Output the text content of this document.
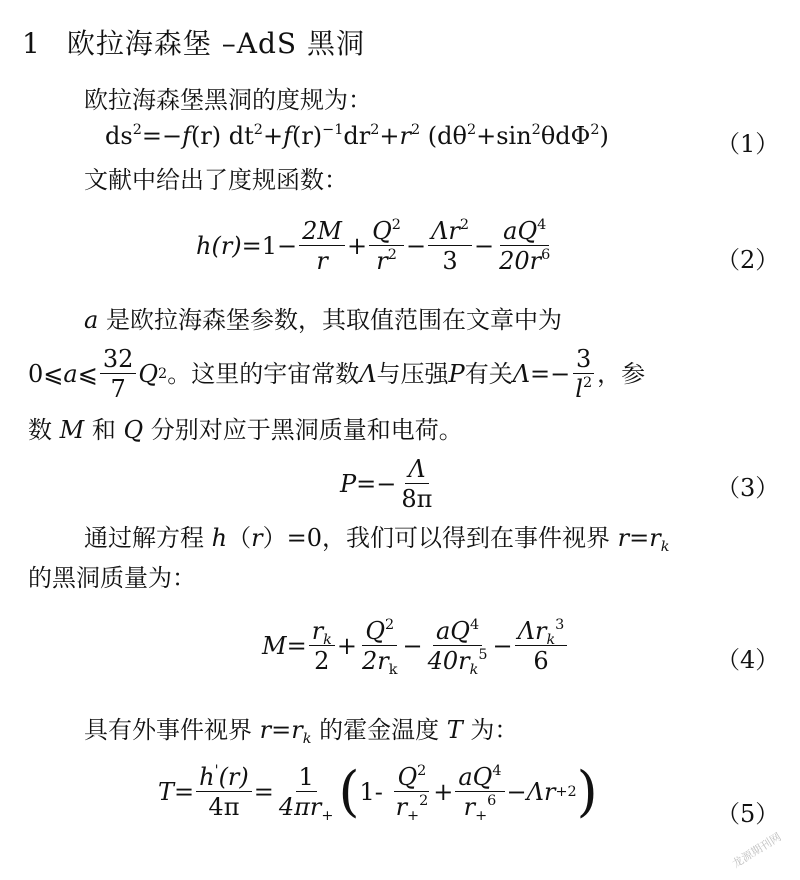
1 欧拉海森堡 –AdS 黑洞
欧拉海森堡黑洞的度规为：
$ds^2=-f(r)$ $dt^2+f(r)^{-1}dr^2+r^2$ $(d\theta^2+\sin^2\theta d\Phi^2)$	（1）
文献中给出了度规函数：
$h(r) =1- \frac{2M}{r} + \frac{Q^2}{r^2} - \frac{\Lambda r^2}{3} - \frac{aQ^4}{20r^6}$	（2）
a 是欧拉海森堡参数，其取值范围在文章中为
0⩽ a ⩽ $\frac{32}{7}$ Q 2 。这里的宇宙常数 Λ 与压强 P 有关 $\Lambda =- \frac{3}{l^2}$ ，参
数 M 和 Q 分别对应于黑洞质量和电荷。
$P =- \frac{\Lambda}{8\pi}$	（3）
通过解方程 h（r）=0，我们可以得到在事件视界 $r=r_k$
的黑洞质量为：
$M = \frac{r_k}{2} + \frac{Q^2}{2r_k} - \frac{aQ^4}{40r_k^5} - \frac{\Lambda r_k^3}{6}$	（4）
具有外事件视界 $r=r_k$ 的霍金温度 T 为：
$T = \frac{h'(r)}{4\pi} = \frac{1}{4\pi r_+}$ ( 1-
$\frac{Q^2}{r_+^2} + \frac{aQ^4}{r_+^6} - \Lambda r + 2$ )	（5）
龙源期刊网
